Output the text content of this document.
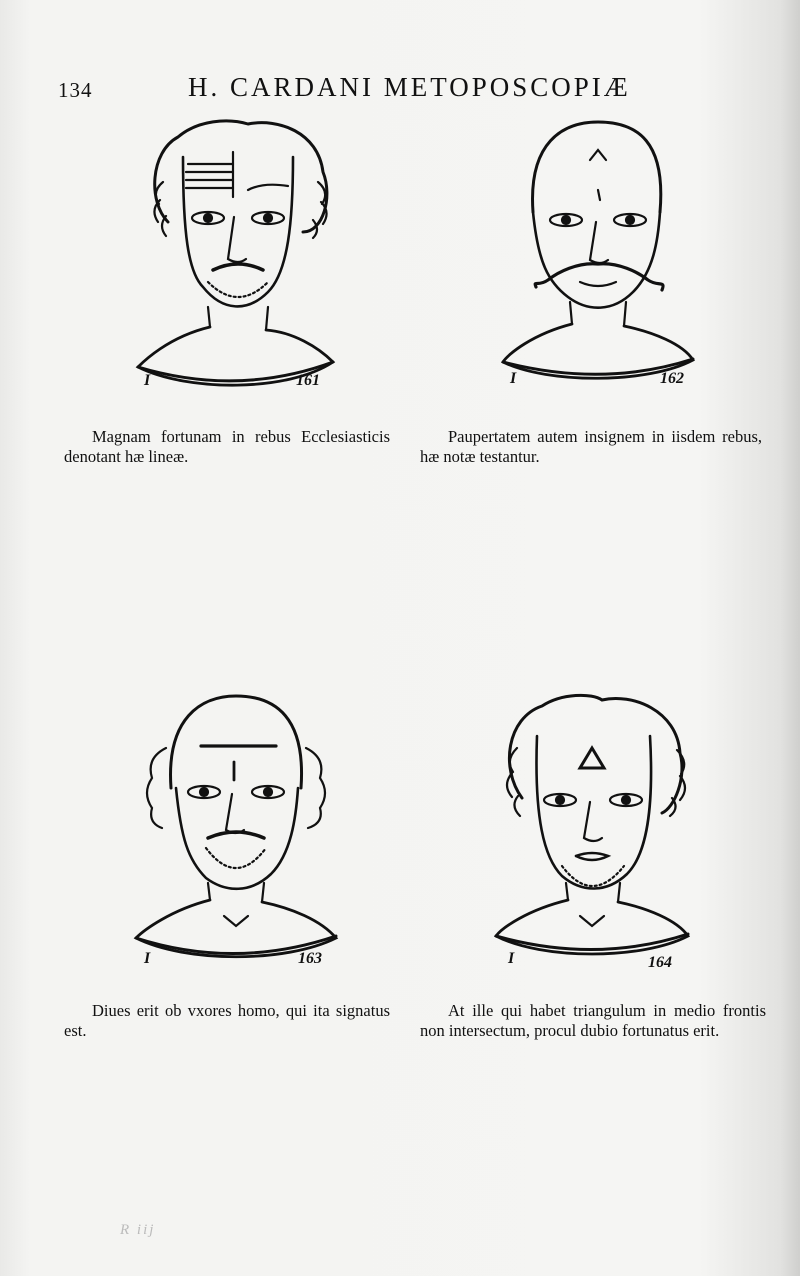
134	H. CARDANI METOPOSCOPIÆ
I	161	I	162
Magnam fortunam in rebus Ecclesiasticis denotant hæ lineæ.
Paupertatem autem insignem in iisdem rebus, hæ notæ testantur.
I	163	I	164
Diues erit ob vxores homo, qui ita signatus est.
At ille qui habet triangulum in medio frontis non intersectum, procul dubio fortunatus erit.
R iij
